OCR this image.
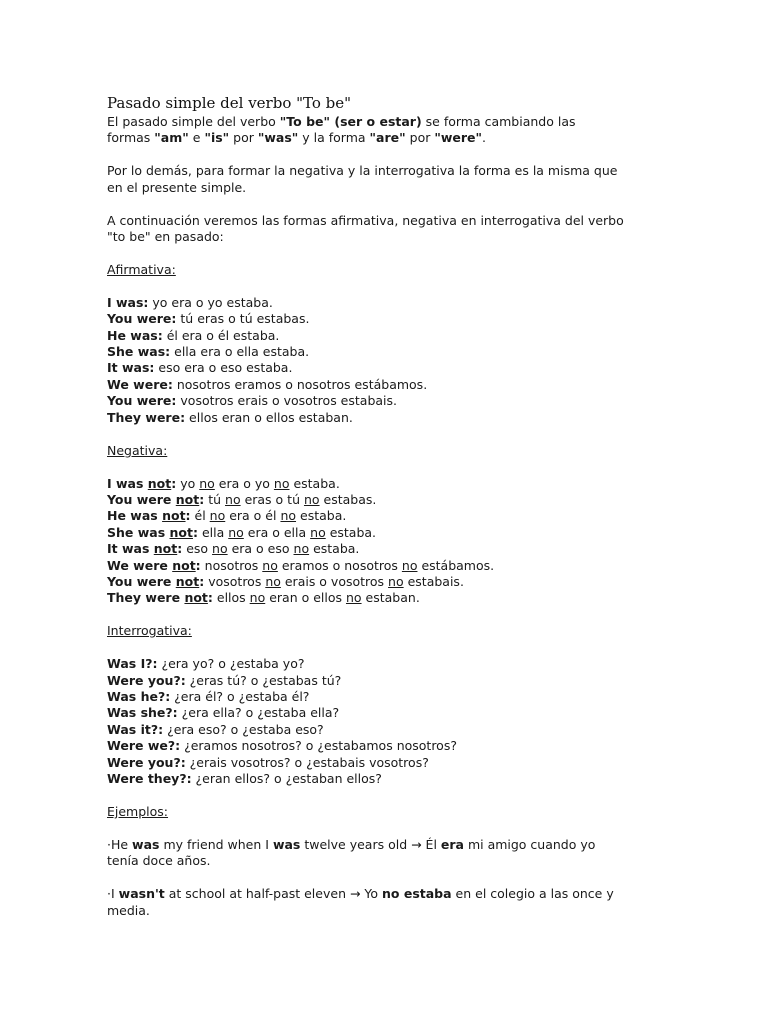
Pasado simple del verbo "To be"

El pasado simple del verbo "To be" (ser o estar) se forma cambiando las
formas "am" e "is" por "was" y la forma "are" por "were".

Por lo demás, para formar la negativa y la interrogativa la forma es la misma que
en el presente simple.

A continuación veremos las formas afirmativa, negativa en interrogativa del verbo
"to be" en pasado:

Afirmativa:

I was: yo era o yo estaba.

You were: tú eras o tú estabas.

He was: él era o él estaba.

She was: ella era o ella estaba.

It was: eso era o eso estaba.

We were: nosotros eramos o nosotros estábamos.

You were: vosotros erais o vosotros estabais.

They were: ellos eran o ellos estaban.

Negativa:

I was not: yo no era o yo no estaba.

You were not: tú no eras o tú no estabas.

He was not: él no era o él no estaba.

She was not: ella no era o ella no estaba.

It was not: eso no era o eso no estaba.

We were not: nosotros no eramos o nosotros no estábamos.

You were not: vosotros no erais o vosotros no estabais.

They were not: ellos no eran o ellos no estaban.

Interrogativa:

Was I?: ¿era yo? o ¿estaba yo?

Were you?: ¿eras tú? o ¿estabas tú?

Was he?: ¿era él? o ¿estaba él?

Was she?: ¿era ella? o ¿estaba ella?

Was it?: ¿era eso? o ¿estaba eso?

Were we?: ¿eramos nosotros? o ¿estabamos nosotros?

Were you?: ¿erais vosotros? o ¿estabais vosotros?

Were they?: ¿eran ellos? o ¿estaban ellos?

Ejemplos:

·He was my friend when I was twelve years old → Él era mi amigo cuando yo
tenía doce años.

·I wasn't at school at half-past eleven → Yo no estaba en el colegio a las once y
media.
